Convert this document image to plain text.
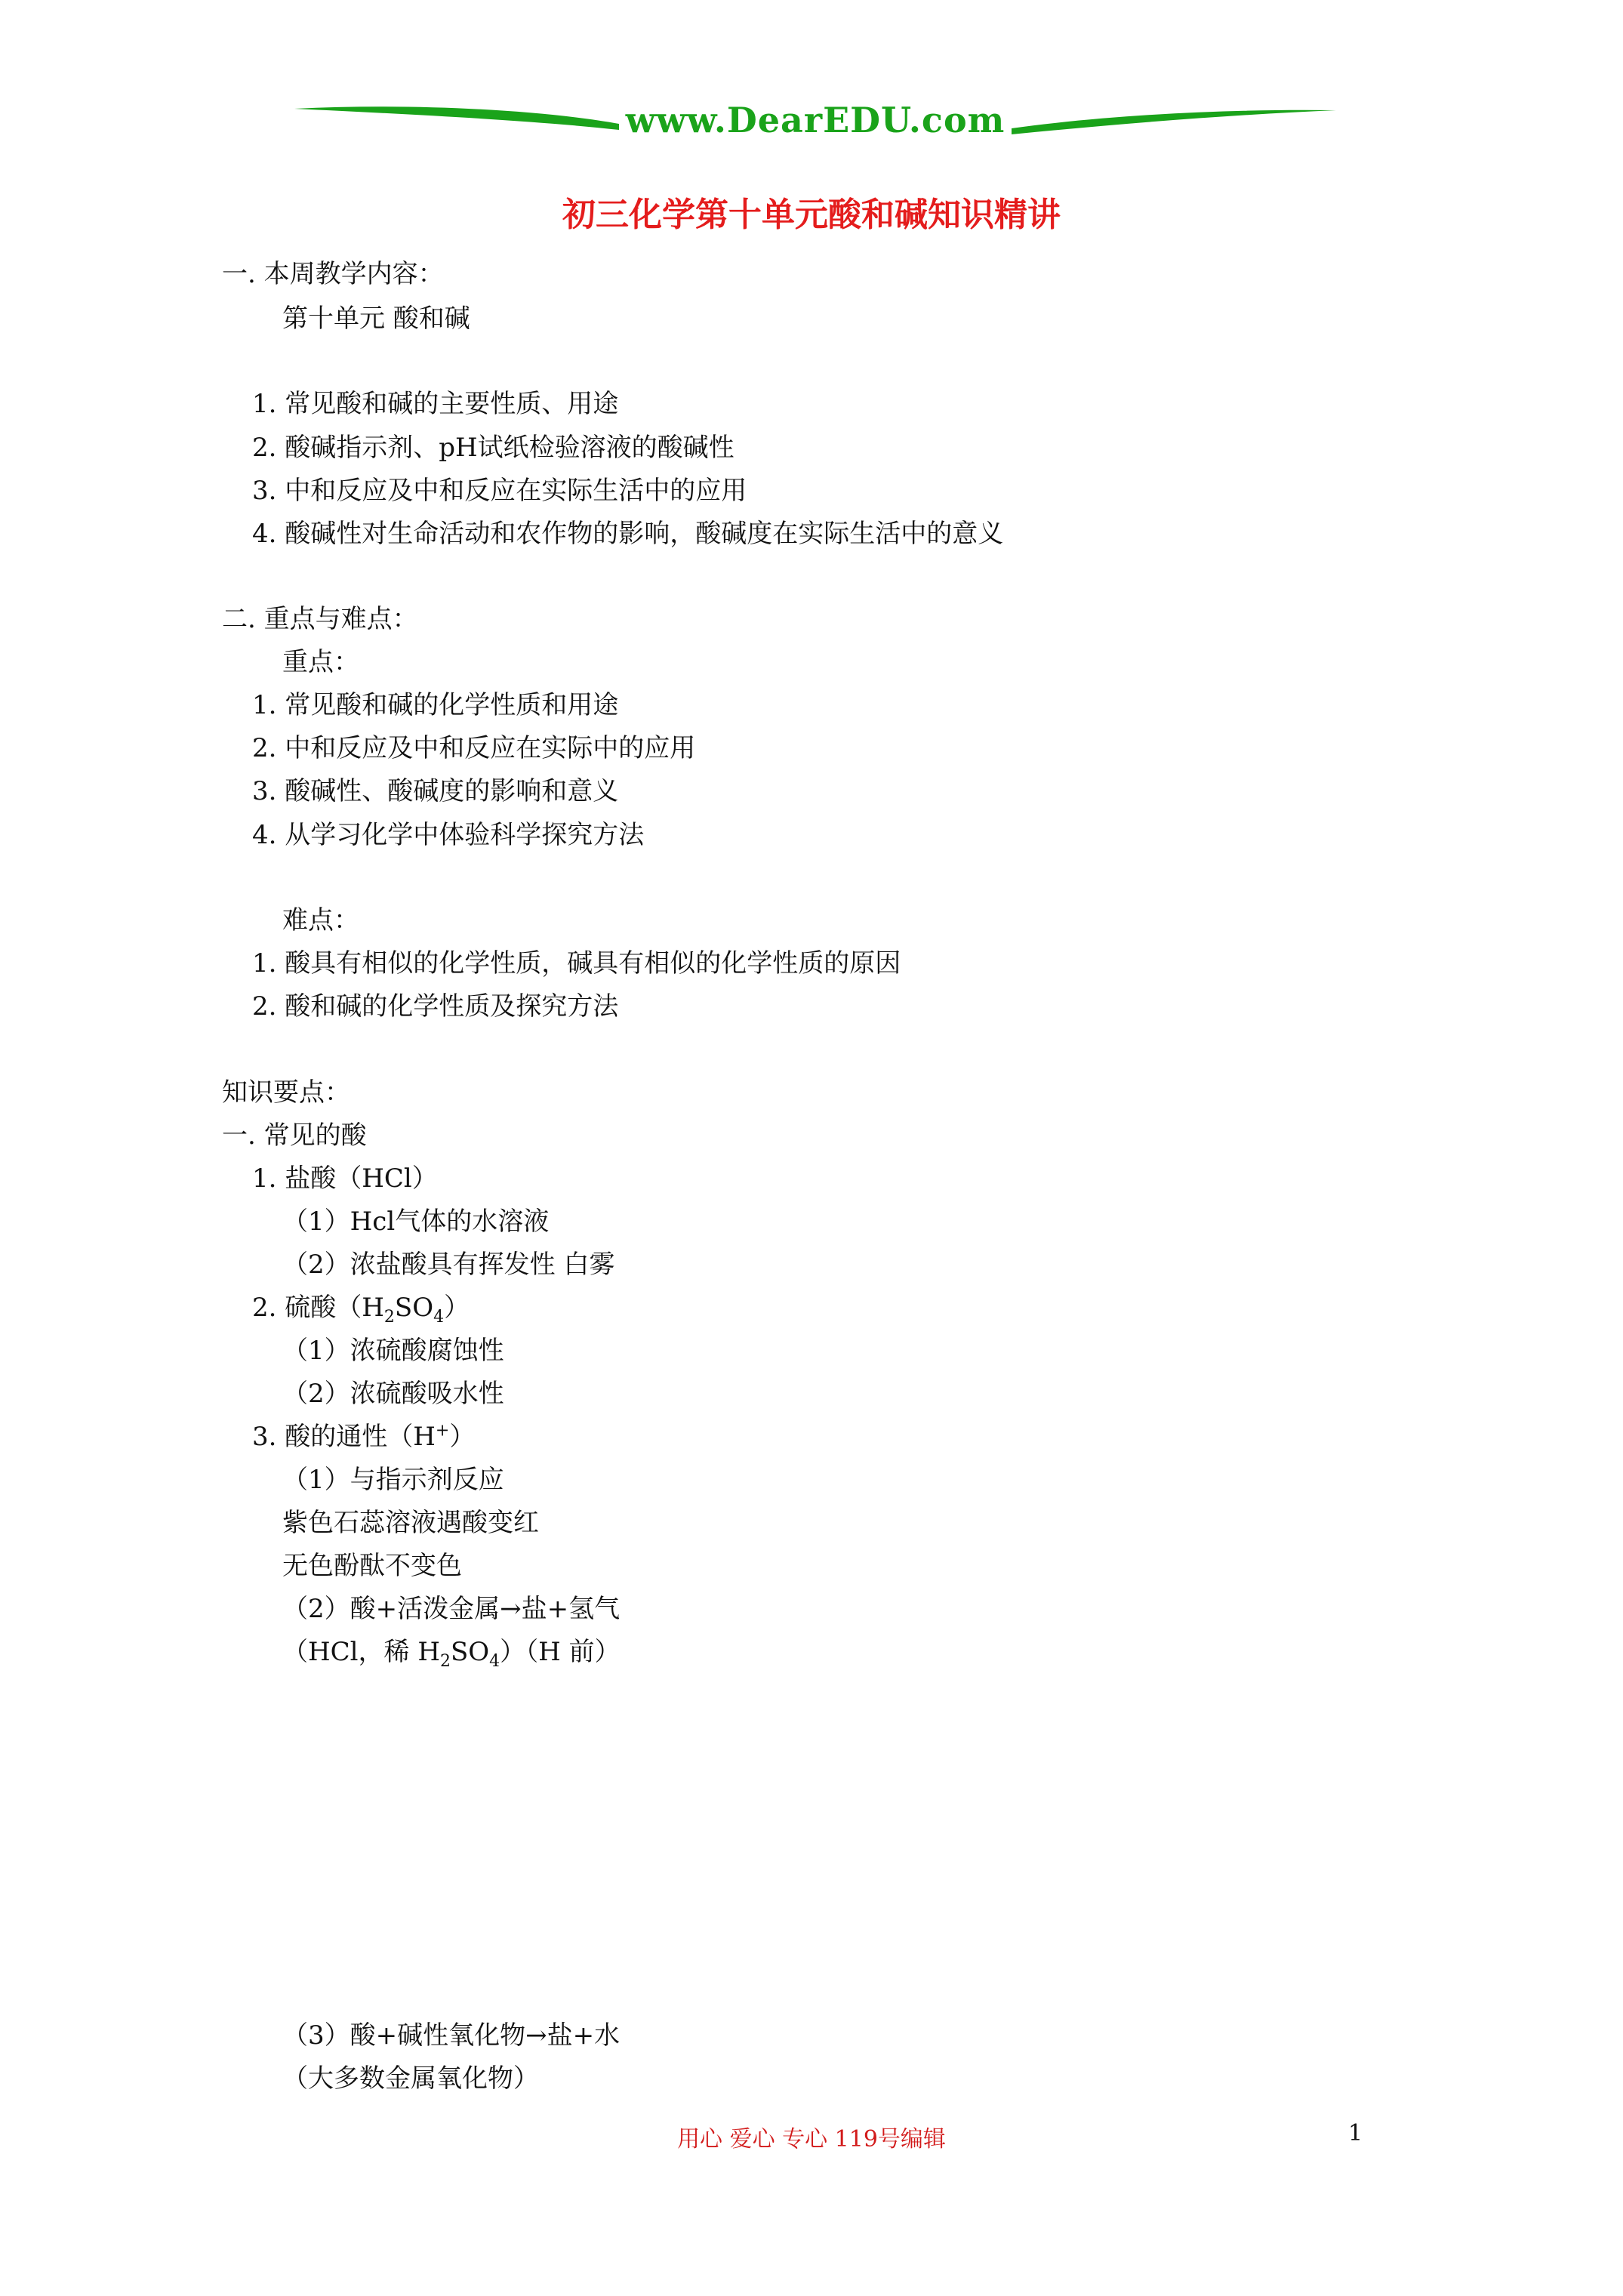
www.DearEDU.com
初三化学第十单元酸和碱知识精讲
一. 本周教学内容：
第十单元 酸和碱
1. 常见酸和碱的主要性质、用途
2. 酸碱指示剂、pH试纸检验溶液的酸碱性
3. 中和反应及中和反应在实际生活中的应用
4. 酸碱性对生命活动和农作物的影响，酸碱度在实际生活中的意义
二. 重点与难点：
重点：
1. 常见酸和碱的化学性质和用途
2. 中和反应及中和反应在实际中的应用
3. 酸碱性、酸碱度的影响和意义
4. 从学习化学中体验科学探究方法
难点：
1. 酸具有相似的化学性质，碱具有相似的化学性质的原因
2. 酸和碱的化学性质及探究方法
知识要点：
一. 常见的酸
1. 盐酸（HCl）
（1）Hcl气体的水溶液
（2）浓盐酸具有挥发性 白雾
2. 硫酸$(H_2SO_4)$
（1）浓硫酸腐蚀性
（2）浓硫酸吸水性
3. 酸的通性（H+）
（1）与指示剂反应
紫色石蕊溶液遇酸变红
无色酚酞不变色
（2）酸+活泼金属→盐+氢气
（HCl，稀 $H_2SO_4)(H$ 前）
（3）酸+碱性氧化物→盐+水
（大多数金属氧化物）
用心 爱心 专心 119号编辑	1
